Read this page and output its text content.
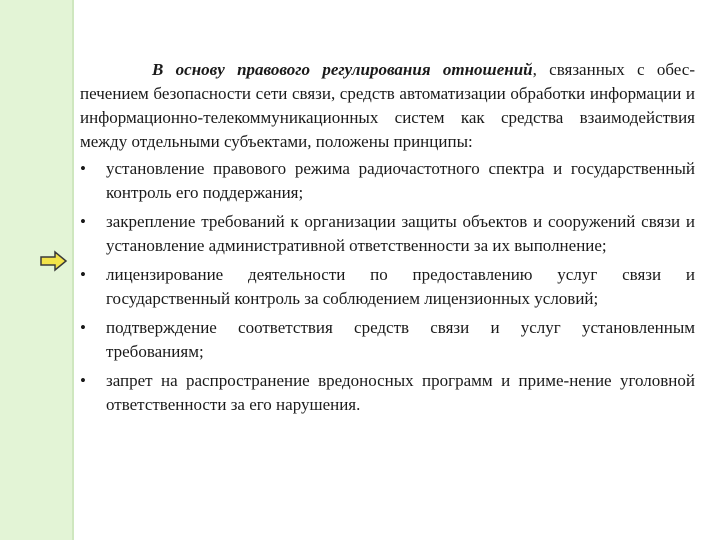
В основу правового регулирования отношений, связанных с обес-печением безопасности сети связи, средств автоматизации обработки информации и информационно-телекоммуникационных систем как средства взаимодействия между отдельными субъектами, положены принципы:

•	установление правового режима радиочастотного спектра и государственный контроль его поддержания;
•	закрепление требований к организации защиты объектов и сооружений связи и установление административной ответственности за их выполнение;
•	лицензирование деятельности по предоставлению услуг связи и государственный контроль за соблюдением лицензионных условий;
•	подтверждение соответствия средств связи и услуг установленным требованиям;
•	запрет на распространение вредоносных программ и приме-нение уголовной ответственности за его нарушения.
